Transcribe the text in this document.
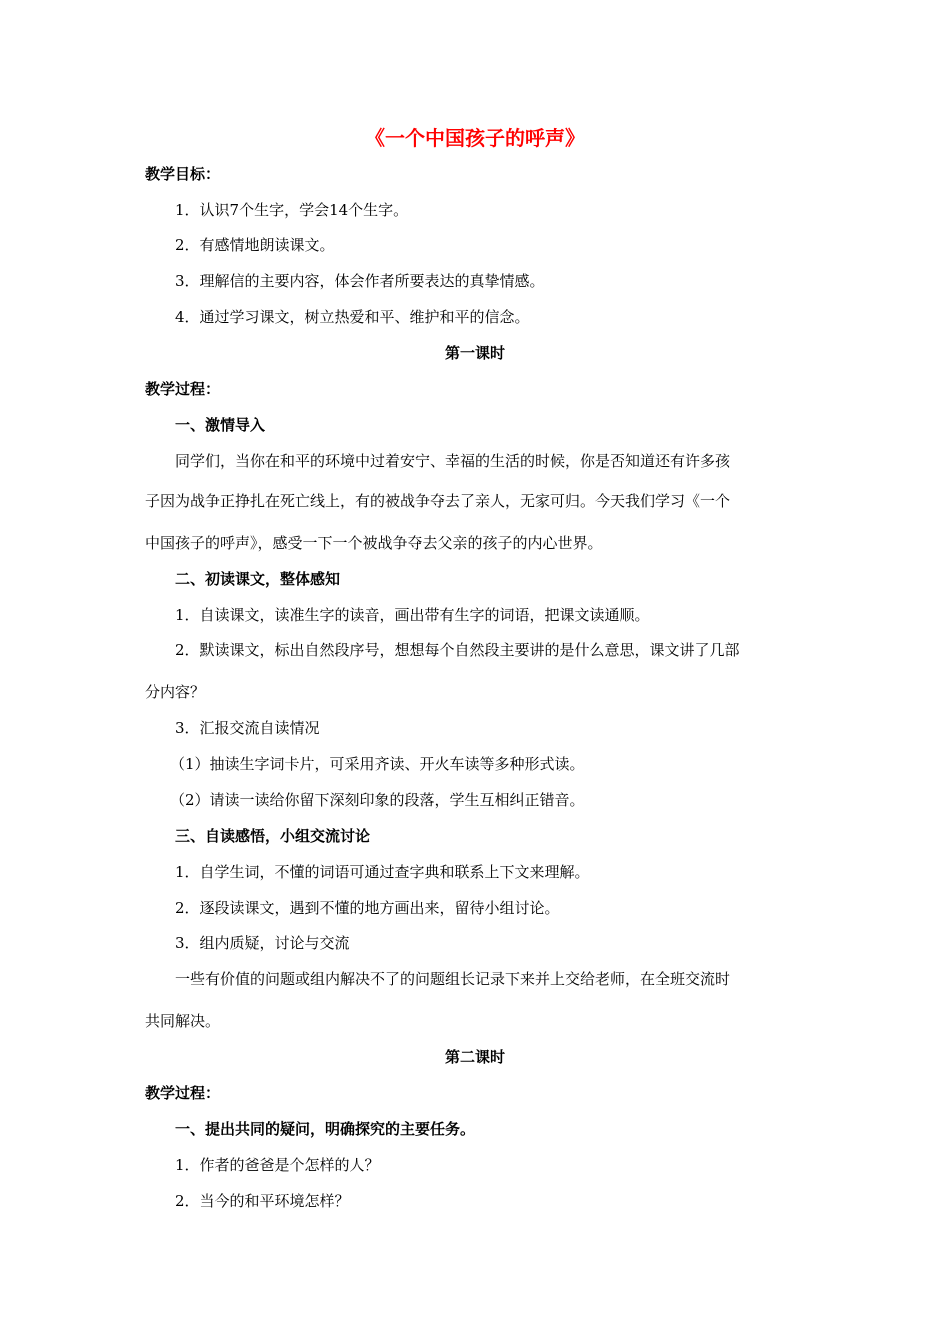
《一个中国孩子的呼声》
教学目标：
1．认识7个生字，学会14个生字。
2．有感情地朗读课文。
3．理解信的主要内容，体会作者所要表达的真挚情感。
4．通过学习课文，树立热爱和平、维护和平的信念。
第一课时
教学过程：
一、激情导入
同学们，当你在和平的环境中过着安宁、幸福的生活的时候，你是否知道还有许多孩
子因为战争正挣扎在死亡线上，有的被战争夺去了亲人，无家可归。今天我们学习《一个
中国孩子的呼声》，感受一下一个被战争夺去父亲的孩子的内心世界。
二、初读课文，整体感知
1．自读课文，读准生字的读音，画出带有生字的词语，把课文读通顺。
2．默读课文，标出自然段序号，想想每个自然段主要讲的是什么意思，课文讲了几部
分内容？
3．汇报交流自读情况
（1）抽读生字词卡片，可采用齐读、开火车读等多种形式读。
（2）请读一读给你留下深刻印象的段落，学生互相纠正错音。
三、自读感悟，小组交流讨论
1．自学生词，不懂的词语可通过查字典和联系上下文来理解。
2．逐段读课文，遇到不懂的地方画出来，留待小组讨论。
3．组内质疑，讨论与交流
一些有价值的问题或组内解决不了的问题组长记录下来并上交给老师，在全班交流时
共同解决。
第二课时
教学过程：
一、提出共同的疑问，明确探究的主要任务。
1．作者的爸爸是个怎样的人？
2．当今的和平环境怎样？
